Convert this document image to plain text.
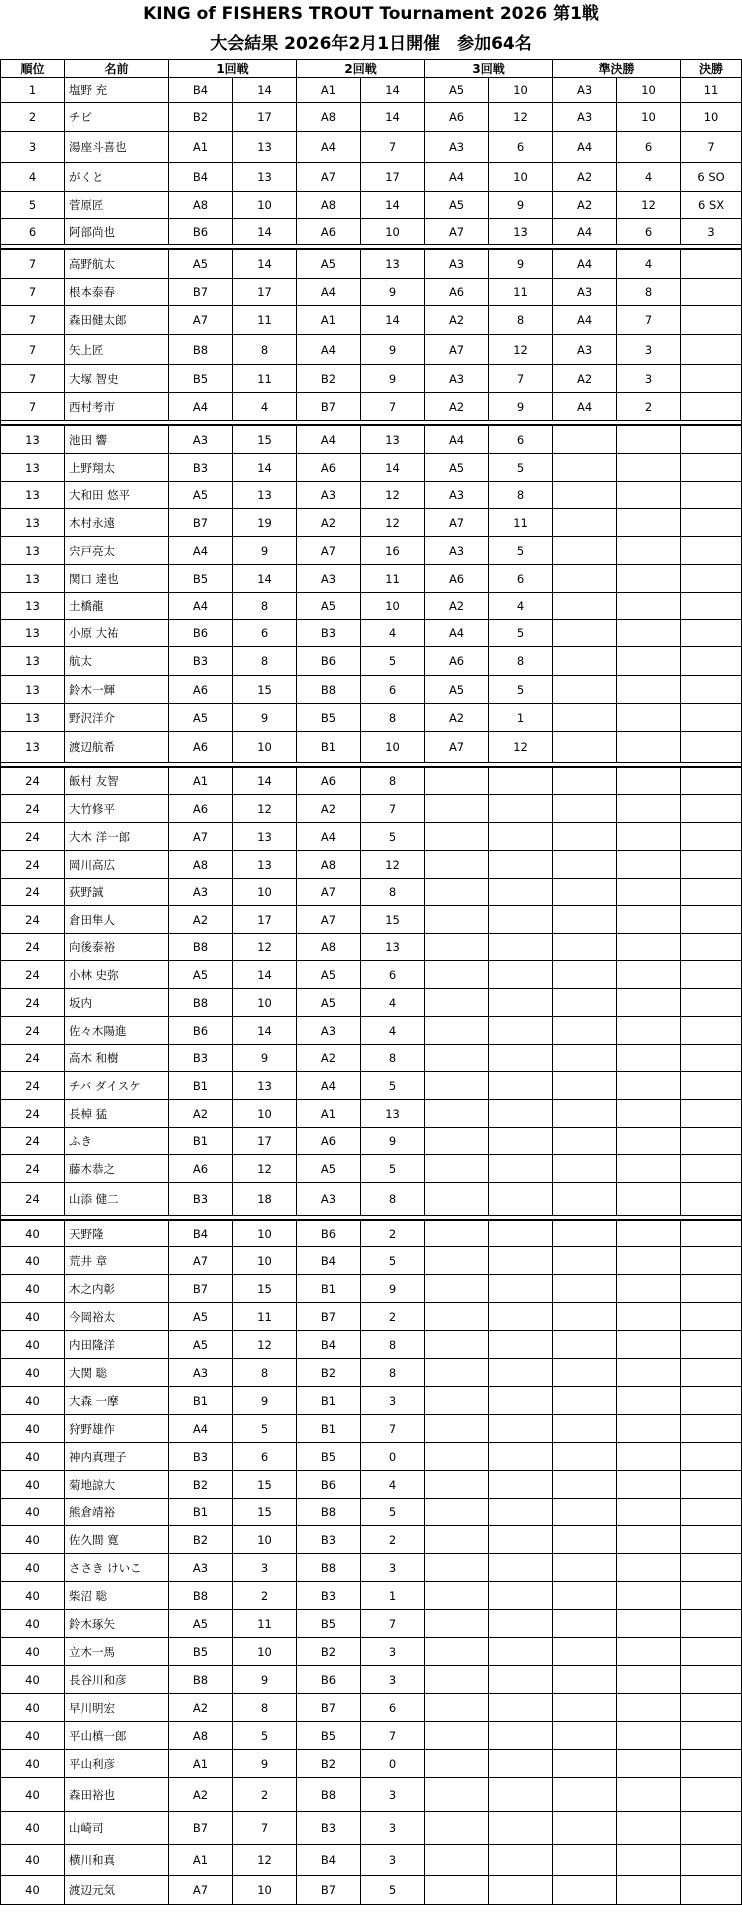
KING of FISHERS TROUT Tournament 2026 第1戦
大会結果 2026年2月1日開催　参加64名
順位	名前	1回戦		2回戦		3回戦		準決勝		決勝
1	塩野 充	B4	14	A1	14	A5	10	A3	10	11
2	チビ	B2	17	A8	14	A6	12	A3	10	10
3	湯座斗喜也	A1	13	A4	7	A3	6	A4	6	7
4	がくと	B4	13	A7	17	A4	10	A2	4	6 SO
5	菅原匠	A8	10	A8	14	A5	9	A2	12	6 SX
6	阿部尚也	B6	14	A6	10	A7	13	A4	6	3

7	高野航太	A5	14	A5	13	A3	9	A4	4	
7	根本泰春	B7	17	A4	9	A6	11	A3	8	
7	森田健太郎	A7	11	A1	14	A2	8	A4	7	
7	矢上匠	B8	8	A4	9	A7	12	A3	3	
7	大塚 智史	B5	11	B2	9	A3	7	A2	3	
7	西村考市	A4	4	B7	7	A2	9	A4	2	

13	池田 響	A3	15	A4	13	A4	6			
13	上野翔太	B3	14	A6	14	A5	5			
13	大和田 悠平	A5	13	A3	12	A3	8			
13	木村永遠	B7	19	A2	12	A7	11			
13	宍戸亮太	A4	9	A7	16	A3	5			
13	関口 達也	B5	14	A3	11	A6	6			
13	土橋龍	A4	8	A5	10	A2	4			
13	小原 大祐	B6	6	B3	4	A4	5			
13	航太	B3	8	B6	5	A6	8			
13	鈴木一輝	A6	15	B8	6	A5	5			
13	野沢洋介	A5	9	B5	8	A2	1			
13	渡辺航希	A6	10	B1	10	A7	12			

24	飯村 友智	A1	14	A6	8					
24	大竹修平	A6	12	A2	7					
24	大木 洋一郎	A7	13	A4	5					
24	岡川高広	A8	13	A8	12					
24	荻野誠	A3	10	A7	8					
24	倉田隼人	A2	17	A7	15					
24	向後泰裕	B8	12	A8	13					
24	小林 史弥	A5	14	A5	6					
24	坂内	B8	10	A5	4					
24	佐々木陽進	B6	14	A3	4					
24	高木 和樹	B3	9	A2	8					
24	チバ ダイスケ	B1	13	A4	5					
24	長棹 猛	A2	10	A1	13					
24	ふき	B1	17	A6	9					
24	藤木恭之	A6	12	A5	5					
24	山添 健二	B3	18	A3	8					

40	天野隆	B4	10	B6	2					
40	荒井 章	A7	10	B4	5					
40	木之内彰	B7	15	B1	9					
40	今岡裕太	A5	11	B7	2					
40	内田隆洋	A5	12	B4	8					
40	大関 聡	A3	8	B2	8					
40	大森 一摩	B1	9	B1	3					
40	狩野雄作	A4	5	B1	7					
40	神内真理子	B3	6	B5	0					
40	菊地諒大	B2	15	B6	4					
40	熊倉靖裕	B1	15	B8	5					
40	佐久間 寛	B2	10	B3	2					
40	ささき けいこ	A3	3	B8	3					
40	柴沼 聡	B8	2	B3	1					
40	鈴木琢矢	A5	11	B5	7					
40	立木一馬	B5	10	B2	3					
40	長谷川和彦	B8	9	B6	3					
40	早川明宏	A2	8	B7	6					
40	平山槙一郎	A8	5	B5	7					
40	平山利彦	A1	9	B2	0					
40	森田裕也	A2	2	B8	3					
40	山崎司	B7	7	B3	3					
40	横川和真	A1	12	B4	3					
40	渡辺元気	A7	10	B7	5					
